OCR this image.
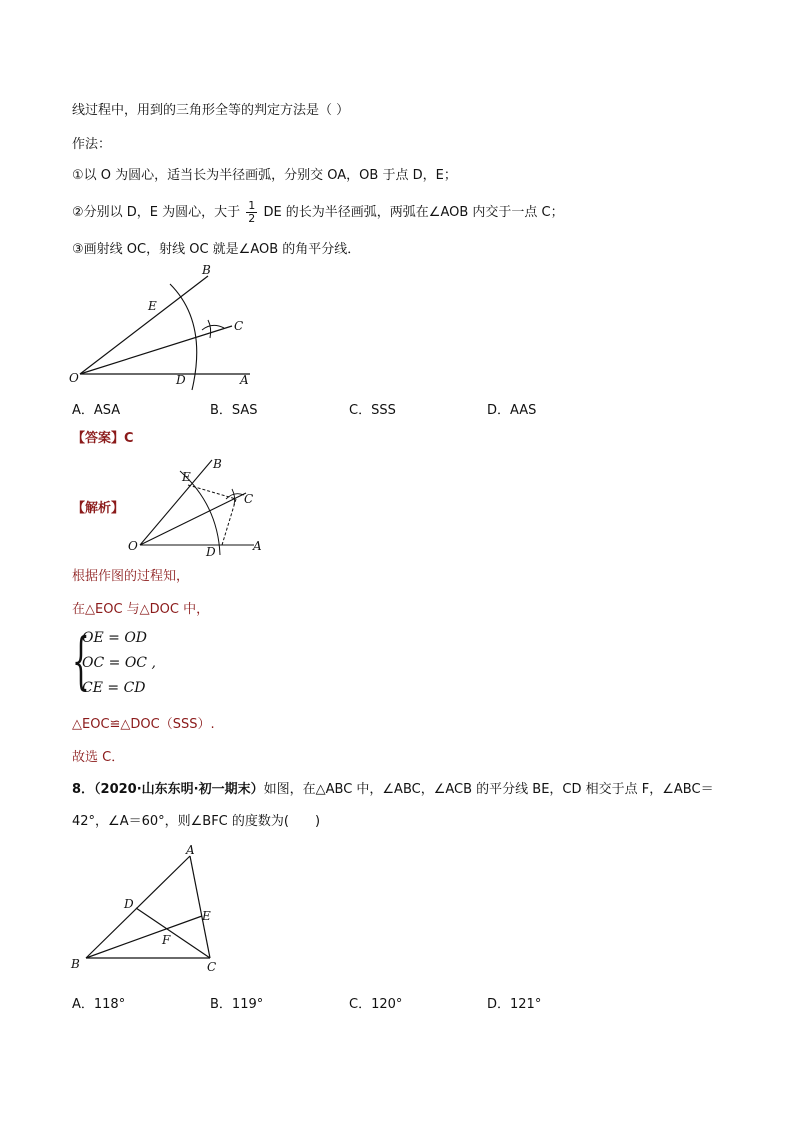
线过程中，用到的三角形全等的判定方法是（ ）
作法：
①以 O 为圆心，适当长为半径画弧，分别交 OA，OB 于点 D，E；
②分别以 D，E 为圆心，大于 $\frac{1}{2}$ DE 的长为半径画弧，两弧在∠AOB 内交于一点 C；
③画射线 OC，射线 OC 就是∠AOB 的角平分线．
O	A
B
C
D
E
A．ASA	B．SAS	C．SSS	D．AAS
【答案】C
【解析】
O	A
B
C
D
E
根据作图的过程知，
在△EOC 与△DOC 中，
{
OE = OD
OC = OC ,
CE = CD
△EOC≌△DOC（SSS）.
故选 C．
8．（2020·山东东明·初一期末）如图，在△ABC 中，∠ABC，∠ACB 的平分线 BE，CD 相交于点 F，∠ABC＝
42°，∠A＝60°，则∠BFC 的度数为(　　)
A
B	C
D
E
F
A．118°	B．119°	C．120°	D．121°
